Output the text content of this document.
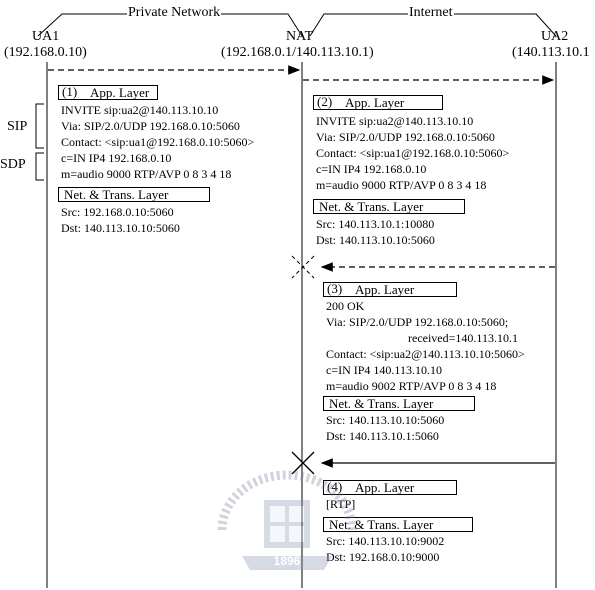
Private Network	Internet
UA1
(192.168.0.10)
NAT
(192.168.0.1/140.113.10.1)
UA2
(140.113.10.1
SIP
SDP
(1) App. Layer
INVITE sip:ua2@140.113.10.10
Via: SIP/2.0/UDP 192.168.0.10:5060
Contact: <sip:ua1@192.168.0.10:5060>
c=IN IP4 192.168.0.10
m=audio 9000 RTP/AVP 0 8 3 4 18
Net. & Trans. Layer
Src: 192.168.0.10:5060
Dst: 140.113.10.10:5060
(2) App. Layer
INVITE sip:ua2@140.113.10.10
Via: SIP/2.0/UDP 192.168.0.10:5060
Contact: <sip:ua1@192.168.0.10:5060>
c=IN IP4 192.168.0.10
m=audio 9000 RTP/AVP 0 8 3 4 18
Net. & Trans. Layer
Src: 140.113.10.1:10080
Dst: 140.113.10.10:5060
(3) App. Layer
200 OK
Via: SIP/2.0/UDP 192.168.0.10:5060;
received=140.113.10.1
Contact: <sip:ua2@140.113.10.10:5060>
c=IN IP4 140.113.10.10
m=audio 9002 RTP/AVP 0 8 3 4 18
Net. & Trans. Layer
Src: 140.113.10.10:5060
Dst: 140.113.10.1:5060
(4) App. Layer
[RTP]
Net. & Trans. Layer
Src: 140.113.10.10:9002
Dst: 192.168.0.10:9000
1896
